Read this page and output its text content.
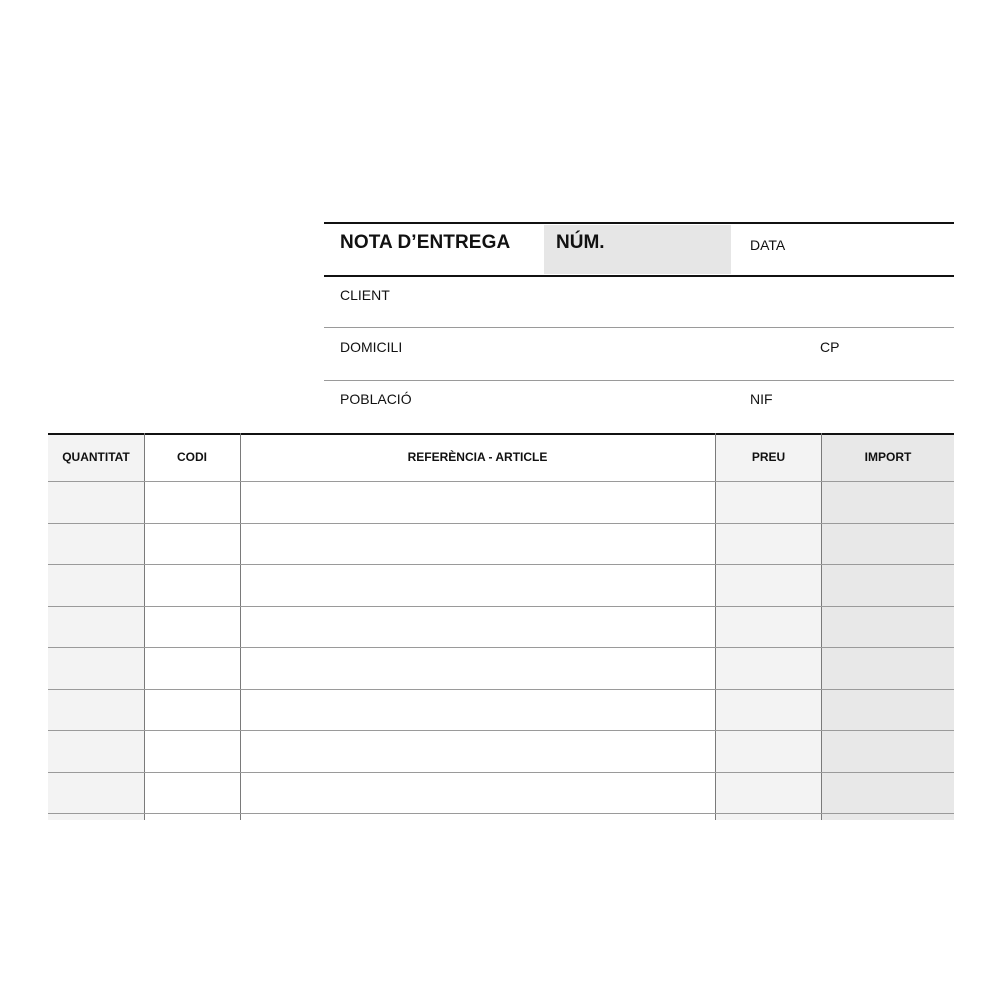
NOTA D’ENTREGA NÚM.	DATA
CLIENT
DOMICILI	CP
POBLACIÓ	NIF
QUANTITAT	CODI	REFERÈNCIA - ARTICLE	PREU	IMPORT
